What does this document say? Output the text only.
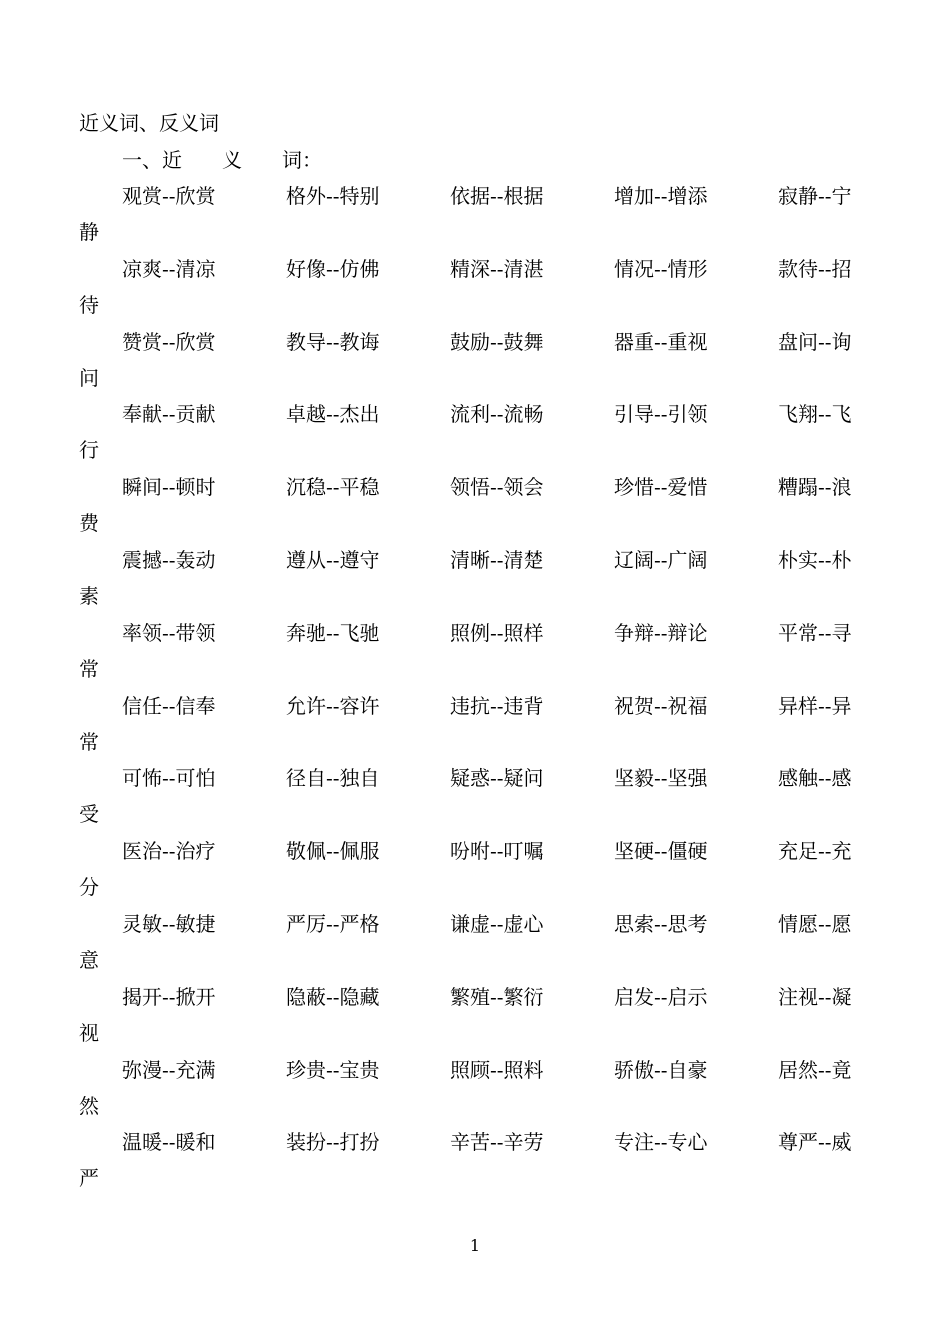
近义词、反义词
一、近　　义　　词：
观赏--欣赏	格外--特别	依据--根据	增加--增添	寂静--宁
静
凉爽--清凉	好像--仿佛	精深--清湛	情况--情形	款待--招
待
赞赏--欣赏	教导--教诲	鼓励--鼓舞	器重--重视	盘问--询
问
奉献--贡献	卓越--杰出	流利--流畅	引导--引领	飞翔--飞
行
瞬间--顿时	沉稳--平稳	领悟--领会	珍惜--爱惜	糟蹋--浪
费
震撼--轰动	遵从--遵守	清晰--清楚	辽阔--广阔	朴实--朴
素
率领--带领	奔驰--飞驰	照例--照样	争辩--辩论	平常--寻
常
信任--信奉	允许--容许	违抗--违背	祝贺--祝福	异样--异
常
可怖--可怕	径自--独自	疑惑--疑问	坚毅--坚强	感触--感
受
医治--治疗	敬佩--佩服	吩咐--叮嘱	坚硬--僵硬	充足--充
分
灵敏--敏捷	严厉--严格	谦虚--虚心	思索--思考	情愿--愿
意
揭开--掀开	隐蔽--隐藏	繁殖--繁衍	启发--启示	注视--凝
视
弥漫--充满	珍贵--宝贵	照顾--照料	骄傲--自豪	居然--竟
然
温暖--暖和	装扮--打扮	辛苦--辛劳	专注--专心	尊严--威
严
1
